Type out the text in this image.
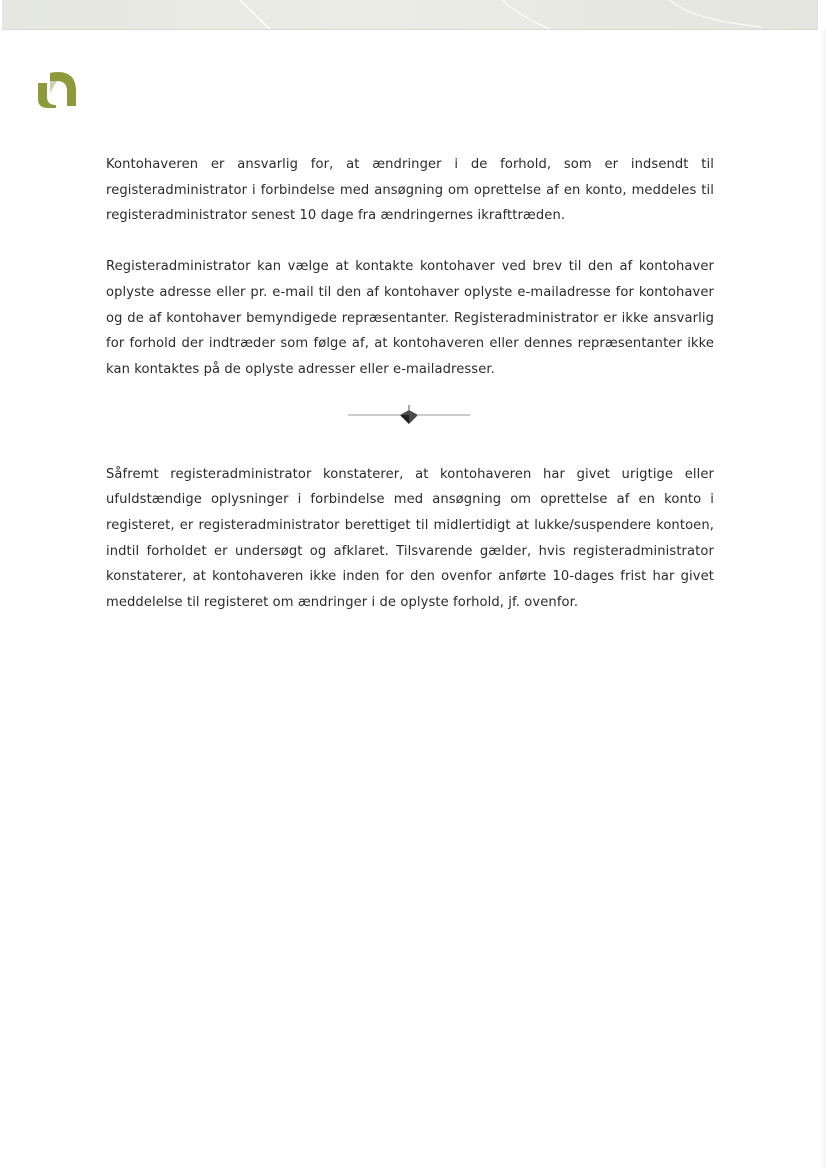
Kontohaveren er ansvarlig for, at ændringer i de forhold, som er indsendt til registeradministrator i forbindelse med ansøgning om oprettelse af en konto, meddeles til registeradministrator senest 10 dage fra ændringernes ikrafttræden.

Registeradministrator kan vælge at kontakte kontohaver ved brev til den af kontohaver oplyste adresse eller pr. e-mail til den af kontohaver oplyste e-mailadresse for kontohaver og de af kontohaver bemyndigede repræsentanter. Registeradministrator er ikke ansvarlig for forhold der indtræder som følge af, at kontohaveren eller dennes repræsentanter ikke kan kontaktes på de oplyste adresser eller e-mailadresser.

Såfremt registeradministrator konstaterer, at kontohaveren har givet urigtige eller ufuldstændige oplysninger i forbindelse med ansøgning om oprettelse af en konto i registeret, er registeradministrator berettiget til midlertidigt at lukke/suspendere kontoen, indtil forholdet er undersøgt og afklaret. Tilsvarende gælder, hvis registeradministrator konstaterer, at kontohaveren ikke inden for den ovenfor anførte 10-dages frist har givet meddelelse til registeret om ændringer i de oplyste forhold, jf. ovenfor.
